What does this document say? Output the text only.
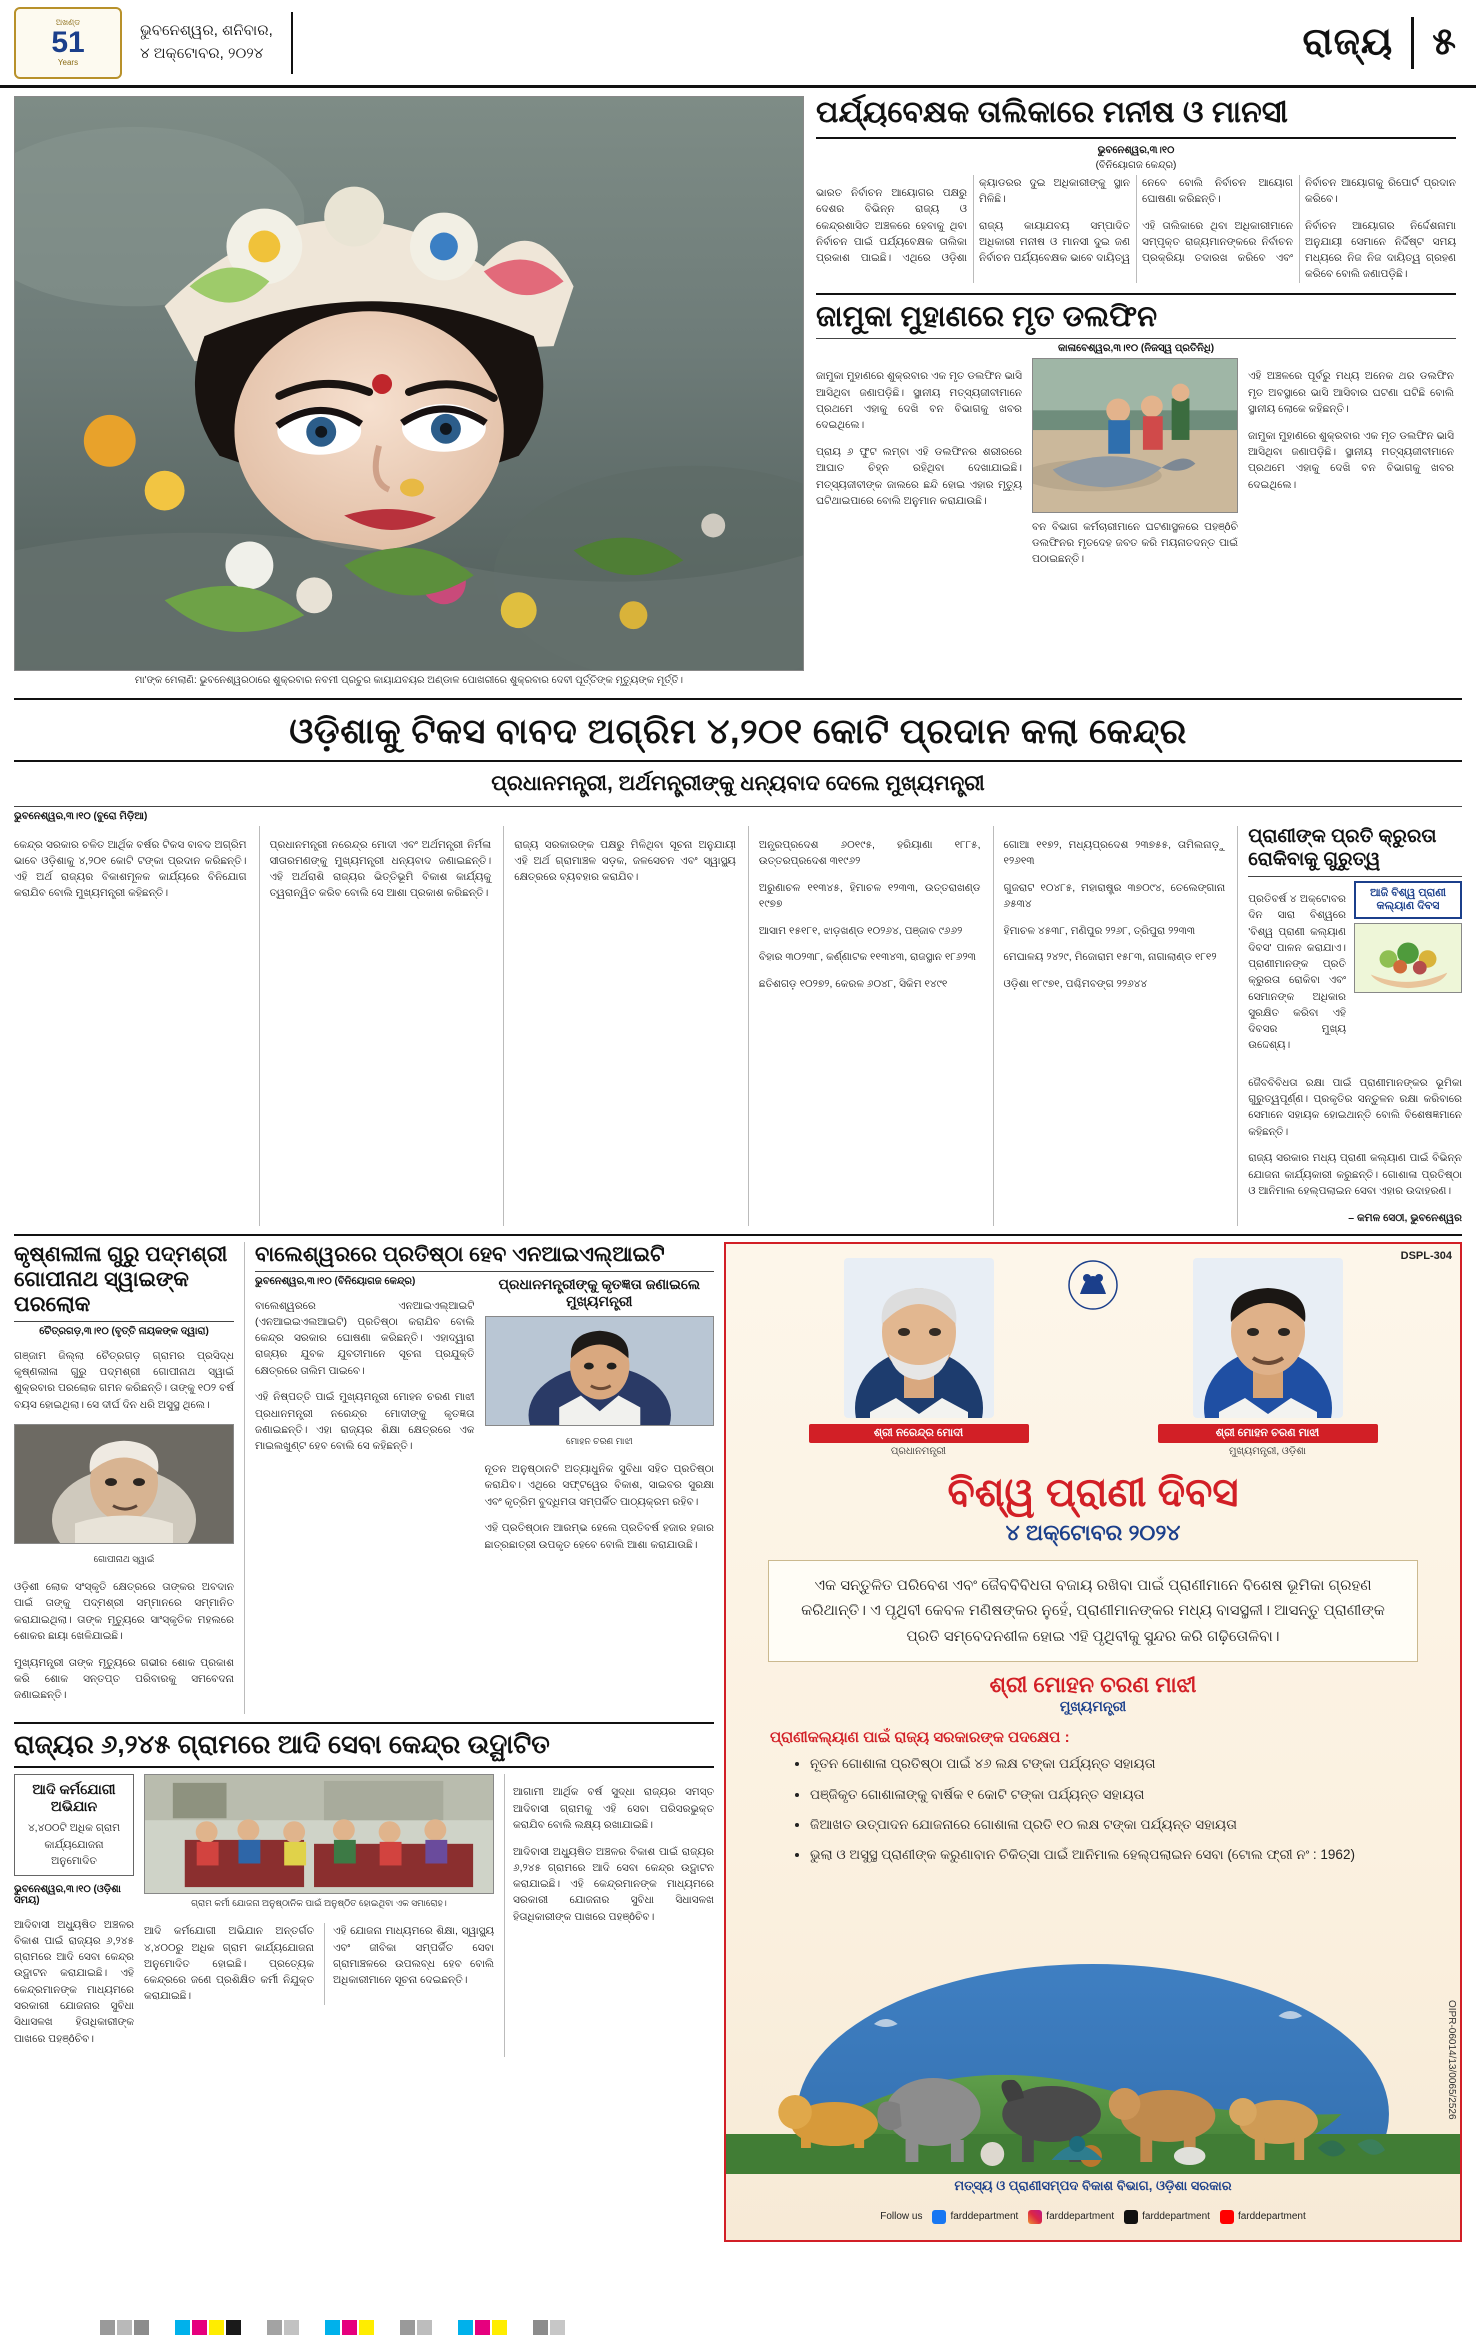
ଅଖଣ୍ଡ
51
Years
ଭୁବନେଶ୍ୱର, ଶନିବାର,
୪ ଅକ୍ଟୋବର, ୨୦୨୪	ରାଜ୍ୟ ୫
ମା'ଙ୍କ ମେଲାଣି: ଭୁବନେଶ୍ୱରଠାରେ ଶୁକ୍ରବାର ନବମୀ ପ୍ରଚୁର କାୟାଯବୟର ଅଣ୍ଡାଳ ପୋଖରୀରେ ଶୁକ୍ରବାର ଦେବୀ ପୂର୍ତ୍ତିଙ୍କ ମୃତ୍ୟୁଙ୍କ ମୂର୍ତ୍ତି।
ପର୍ଯ୍ୟବେକ୍ଷକ ତାଲିକାରେ ମନୀଷ ଓ ମାନସୀ
ଭୁବନେଶ୍ୱର,୩।୧୦
(ବିନିୟୋଗଜ କେନ୍ଦ୍ର)

ଭାରତ ନିର୍ବାଚନ ଆୟୋଗର ପକ୍ଷରୁ ଦେଶର ବିଭିନ୍ନ ରାଜ୍ୟ ଓ କେନ୍ଦ୍ରଶାସିତ ଅଞ୍ଚଳରେ ହେବାକୁ ଥିବା ନିର୍ବାଚନ ପାଇଁ ପର୍ଯ୍ୟବେକ୍ଷକ ତାଲିକା ପ୍ରକାଶ ପାଇଛି। ଏଥିରେ ଓଡ଼ିଶା କ୍ୟାଡରର ଦୁଇ ଅଧିକାରୀଙ୍କୁ ସ୍ଥାନ ମିଳିଛି।

ରାଜ୍ୟ କାୟାଯବୟ ସମ୍ପାଦିତ ଅଧିକାରୀ ମନୀଷ ଓ ମାନସୀ ଦୁଇ ଜଣ ନିର୍ବାଚନ ପର୍ଯ୍ୟବେକ୍ଷକ ଭାବେ ଦାୟିତ୍ୱ ନେବେ ବୋଲି ନିର୍ବାଚନ ଆୟୋଗ ଘୋଷଣା କରିଛନ୍ତି।

ଏହି ତାଲିକାରେ ଥିବା ଅଧିକାରୀମାନେ ସମ୍ପୃକ୍ତ ରାଜ୍ୟମାନଙ୍କରେ ନିର୍ବାଚନ ପ୍ରକ୍ରିୟା ତଦାରଖ କରିବେ ଏବଂ ନିର୍ବାଚନ ଆୟୋଗକୁ ରିପୋର୍ଟ ପ୍ରଦାନ କରିବେ।

ନିର୍ବାଚନ ଆୟୋଗର ନିର୍ଦ୍ଦେଶନାମା ଅନୁଯାୟୀ ସେମାନେ ନିର୍ଦ୍ଦିଷ୍ଟ ସମୟ ମଧ୍ୟରେ ନିଜ ନିଜ ଦାୟିତ୍ୱ ଗ୍ରହଣ କରିବେ ବୋଲି ଜଣାପଡ଼ିଛି।

ଜାମୁକା ମୁହାଣରେ ମୃତ ଡଲଫିନ
କାଳାବେଶ୍ୱର,୩।୧୦ (ନିଜସ୍ୱ ପ୍ରତିନିଧି)

ଜାମୁକା ମୁହାଣରେ ଶୁକ୍ରବାର ଏକ ମୃତ ଡଲଫିନ ଭାସି ଆସିଥିବା ଜଣାପଡ଼ିଛି। ସ୍ଥାନୀୟ ମତ୍ସ୍ୟଜୀବୀମାନେ ପ୍ରଥମେ ଏହାକୁ ଦେଖି ବନ ବିଭାଗକୁ ଖବର ଦେଇଥିଲେ।

ପ୍ରାୟ ୬ ଫୁଟ ଲମ୍ବା ଏହି ଡଲଫିନର ଶରୀରରେ ଆଘାତ ଚିହ୍ନ ରହିଥିବା ଦେଖାଯାଇଛି। ମତ୍ସ୍ୟଜୀବୀଙ୍କ ଜାଲରେ ଛନ୍ଦି ହୋଇ ଏହାର ମୃତ୍ୟୁ ଘଟିଥାଇପାରେ ବୋଲି ଅନୁମାନ କରାଯାଉଛି।

ବନ ବିଭାଗ କର୍ମଚାରୀମାନେ ଘଟଣାସ୍ଥଳରେ ପହଞ୍ôଚି ଡଲଫିନର ମୃତଦେହ ଜବତ କରି ମୟନାତଦନ୍ତ ପାଇଁ ପଠାଇଛନ୍ତି।

ଏହି ଅଞ୍ଚଳରେ ପୂର୍ବରୁ ମଧ୍ୟ ଅନେକ ଥର ଡଲଫିନ ମୃତ ଅବସ୍ଥାରେ ଭାସି ଆସିବାର ଘଟଣା ଘଟିଛି ବୋଲି ସ୍ଥାନୀୟ ଲୋକେ କହିଛନ୍ତି।

ଜାମୁକା ମୁହାଣରେ ଶୁକ୍ରବାର ଏକ ମୃତ ଡଲଫିନ ଭାସି ଆସିଥିବା ଜଣାପଡ଼ିଛି। ସ୍ଥାନୀୟ ମତ୍ସ୍ୟଜୀବୀମାନେ ପ୍ରଥମେ ଏହାକୁ ଦେଖି ବନ ବିଭାଗକୁ ଖବର ଦେଇଥିଲେ।

ଓଡ଼ିଶାକୁ ଟିକସ ବାବଦ ଅଗ୍ରିମ ୪,୨୦୧ କୋଟି ପ୍ରଦାନ କଲା କେନ୍ଦ୍ର
ପ୍ରଧାନମନ୍ତ୍ରୀ, ଅର୍ଥମନ୍ତ୍ରୀଙ୍କୁ ଧନ୍ୟବାଦ ଦେଲେ ମୁଖ୍ୟମନ୍ତ୍ରୀ
ଭୁବନେଶ୍ୱର,୩।୧୦ (ବୁରୋ ମିଡ଼ିଆ)

କେନ୍ଦ୍ର ସରକାର ଚଳିତ ଆର୍ଥିକ ବର୍ଷର ଟିକସ ବାବଦ ଅଗ୍ରିମ ଭାବେ ଓଡ଼ିଶାକୁ ୪,୨୦୧ କୋଟି ଟଙ୍କା ପ୍ରଦାନ କରିଛନ୍ତି। ଏହି ଅର୍ଥ ରାଜ୍ୟର ବିକାଶମୂଳକ କାର୍ଯ୍ୟରେ ବିନିଯୋଗ କରାଯିବ ବୋଲି ମୁଖ୍ୟମନ୍ତ୍ରୀ କହିଛନ୍ତି।

ପ୍ରଧାନମନ୍ତ୍ରୀ ନରେନ୍ଦ୍ର ମୋଦୀ ଏବଂ ଅର୍ଥମନ୍ତ୍ରୀ ନିର୍ମଳା ସୀତାରମଣଙ୍କୁ ମୁଖ୍ୟମନ୍ତ୍ରୀ ଧନ୍ୟବାଦ ଜଣାଇଛନ୍ତି। ଏହି ଅର୍ଥରାଶି ରାଜ୍ୟର ଭିତ୍ତିଭୂମି ବିକାଶ କାର୍ଯ୍ୟକୁ ତ୍ୱରାନ୍ୱିତ କରିବ ବୋଲି ସେ ଆଶା ପ୍ରକାଶ କରିଛନ୍ତି।

ରାଜ୍ୟ ସରକାରଙ୍କ ପକ୍ଷରୁ ମିଳିଥିବା ସୂଚନା ଅନୁଯାୟୀ ଏହି ଅର୍ଥ ଗ୍ରାମାଞ୍ଚଳ ସଡ଼କ, ଜଳସେଚନ ଏବଂ ସ୍ୱାସ୍ଥ୍ୟ କ୍ଷେତ୍ରରେ ବ୍ୟବହାର କରାଯିବ।

ଅନ୍ଧ୍ରପ୍ରଦେଶ ୬୦୧୯୫, ହରିୟାଣା ୧୮୮୫, ଉତ୍ତରପ୍ରଦେଶ ୩୧୯୬୨

ଅରୁଣାଚଳ ୧୧୩୪୫, ହିମାଚଳ ୧୨୩୩, ଉତ୍ତରାଖଣ୍ଡ ୧୯୭୭

ଆସାମ ୧୫୧୮୧, ଝାଡ଼ଖଣ୍ଡ ୧୦୨୬୪, ପଞ୍ଜାବ ୯୬୬୨

ବିହାର ୩୦୨୩୮, କର୍ଣ୍ଣାଟକ ୧୧୩୪୩, ରାଜସ୍ଥାନ ୧୮୬୨୩

ଛତିଶଗଡ଼ ୧୦୨୭୨, କେରଳ ୬୦୪୮, ସିକିମ ୧୪୯୧

ଗୋଆ ୧୧୭୨, ମଧ୍ୟପ୍ରଦେଶ ୨୩୭୫୫, ତାମିଲନାଡ଼ୁ ୧୨୬୧୩

ଗୁଜରାଟ ୧୦୪୮୫, ମହାରାଷ୍ଟ୍ର ୩୭୦୯୪, ତେଲେଙ୍ଗାନା ୬୫୩୪

ହିମାଚଳ ୪୫୩୮, ମଣିପୁର ୨୨୬୮, ତ୍ରିପୁରା ୨୨୩୩

ମେଘାଳୟ ୨୪୨୯, ମିଜୋରାମ ୧୫୮୩, ନାଗାଲାଣ୍ଡ ୧୮୧୨

ଓଡ଼ିଶା ୧୮୯୭୧, ପଶ୍ଚିମବଙ୍ଗ ୨୨୬୪୪

ପ୍ରାଣୀଙ୍କ ପ୍ରତି କ୍ରୁରତା ରୋକିବାକୁ ଗୁରୁତ୍ୱ

ପ୍ରତିବର୍ଷ ୪ ଅକ୍ଟୋବର ଦିନ ସାରା ବିଶ୍ୱରେ 'ବିଶ୍ୱ ପ୍ରାଣୀ କଲ୍ୟାଣ ଦିବସ' ପାଳନ କରାଯାଏ। ପ୍ରାଣୀମାନଙ୍କ ପ୍ରତି କ୍ରୁରତା ରୋକିବା ଏବଂ ସେମାନଙ୍କ ଅଧିକାର ସୁରକ୍ଷିତ କରିବା ଏହି ଦିବସର ମୁଖ୍ୟ ଉଦ୍ଦେଶ୍ୟ।

ଆଜି ବିଶ୍ୱ ପ୍ରାଣୀ କଲ୍ୟାଣ ଦିବସ

ଜୈବବିବିଧତା ରକ୍ଷା ପାଇଁ ପ୍ରାଣୀମାନଙ୍କର ଭୂମିକା ଗୁରୁତ୍ୱପୂର୍ଣ୍ଣ। ପ୍ରକୃତିର ସନ୍ତୁଳନ ରକ୍ଷା କରିବାରେ ସେମାନେ ସହାୟକ ହୋଇଥାନ୍ତି ବୋଲି ବିଶେଷଜ୍ଞମାନେ କହିଛନ୍ତି।

ରାଜ୍ୟ ସରକାର ମଧ୍ୟ ପ୍ରାଣୀ କଲ୍ୟାଣ ପାଇଁ ବିଭିନ୍ନ ଯୋଜନା କାର୍ଯ୍ୟକାରୀ କରୁଛନ୍ତି। ଗୋଶାଳା ପ୍ରତିଷ୍ଠା ଓ ଆନିମାଲ ହେଲ୍ପଲାଇନ ସେବା ଏହାର ଉଦାହରଣ।

– କମଳ ସେଠୀ, ଭୁବନେଶ୍ୱର
କୃଷ୍ଣଲୀଳା ଗୁରୁ ପଦ୍ମଶ୍ରୀ ଗୋପୀନାଥ ସ୍ୱାଇଙ୍କ ପରଲୋକ
ଚୈତ୍ରଗଡ଼,୩।୧୦ (ବୃତ୍ତି ନାୟକଙ୍କ ଦ୍ୱାରା)

ଗଞ୍ଜାମ ଜିଲ୍ଲା ଚୈତ୍ରଗଡ଼ ଗ୍ରାମର ପ୍ରସିଦ୍ଧ କୃଷ୍ଣଲୀଳା ଗୁରୁ ପଦ୍ମଶ୍ରୀ ଗୋପୀନାଥ ସ୍ୱାଇଁ ଶୁକ୍ରବାର ପରଲୋକ ଗମନ କରିଛନ୍ତି। ତାଙ୍କୁ ୧୦୨ ବର୍ଷ ବୟସ ହୋଇଥିଲା। ସେ ଦୀର୍ଘ ଦିନ ଧରି ଅସୁସ୍ଥ ଥିଲେ।

ଗୋପୀନାଥ ସ୍ୱାଇଁ

ଓଡ଼ିଶୀ ଲୋକ ସଂସ୍କୃତି କ୍ଷେତ୍ରରେ ତାଙ୍କର ଅବଦାନ ପାଇଁ ତାଙ୍କୁ ପଦ୍ମଶ୍ରୀ ସମ୍ମାନରେ ସମ୍ମାନିତ କରାଯାଇଥିଲା। ତାଙ୍କ ମୃତ୍ୟୁରେ ସାଂସ୍କୃତିକ ମହଲରେ ଶୋକର ଛାୟା ଖେଳିଯାଇଛି।

ମୁଖ୍ୟମନ୍ତ୍ରୀ ତାଙ୍କ ମୃତ୍ୟୁରେ ଗଭୀର ଶୋକ ପ୍ରକାଶ କରି ଶୋକ ସନ୍ତପ୍ତ ପରିବାରକୁ ସମବେଦନା ଜଣାଇଛନ୍ତି।

ବାଲେଶ୍ୱରରେ ପ୍ରତିଷ୍ଠା ହେବ ଏନଆଇଏଲ୍ଆଇଟି
ଭୁବନେଶ୍ୱର,୩।୧୦ (ବିନିୟୋଗଜ କେନ୍ଦ୍ର)

ବାଲେଶ୍ୱରରେ ଏନଆଇଏଲ୍ଆଇଟି (ଏନଆଇଇଏଲଆଇଟି) ପ୍ରତିଷ୍ଠା କରାଯିବ ବୋଲି କେନ୍ଦ୍ର ସରକାର ଘୋଷଣା କରିଛନ୍ତି। ଏହାଦ୍ୱାରା ରାଜ୍ୟର ଯୁବକ ଯୁବତୀମାନେ ସୂଚନା ପ୍ରଯୁକ୍ତି କ୍ଷେତ୍ରରେ ତାଲିମ ପାଇବେ।

ଏହି ନିଷ୍ପତ୍ତି ପାଇଁ ମୁଖ୍ୟମନ୍ତ୍ରୀ ମୋହନ ଚରଣ ମାଝୀ ପ୍ରଧାନମନ୍ତ୍ରୀ ନରେନ୍ଦ୍ର ମୋଦୀଙ୍କୁ କୃତଜ୍ଞତା ଜଣାଇଛନ୍ତି। ଏହା ରାଜ୍ୟର ଶିକ୍ଷା କ୍ଷେତ୍ରରେ ଏକ ମାଇଲଖୁଣ୍ଟ ହେବ ବୋଲି ସେ କହିଛନ୍ତି।

ପ୍ରଧାନମନ୍ତ୍ରୀଙ୍କୁ କୃତଜ୍ଞତା ଜଣାଇଲେ ମୁଖ୍ୟମନ୍ତ୍ରୀ
ମୋହନ ଚରଣ ମାଝୀ

ନୂତନ ଅନୁଷ୍ଠାନଟି ଅତ୍ୟାଧୁନିକ ସୁବିଧା ସହିତ ପ୍ରତିଷ୍ଠା କରାଯିବ। ଏଥିରେ ସଫ୍ଟୱେର ବିକାଶ, ସାଇବର ସୁରକ୍ଷା ଏବଂ କୃତ୍ରିମ ବୁଦ୍ଧିମତା ସମ୍ପର୍କିତ ପାଠ୍ୟକ୍ରମ ରହିବ।

ଏହି ପ୍ରତିଷ୍ଠାନ ଆରମ୍ଭ ହେଲେ ପ୍ରତିବର୍ଷ ହଜାର ହଜାର ଛାତ୍ରଛାତ୍ରୀ ଉପକୃତ ହେବେ ବୋଲି ଆଶା କରାଯାଉଛି।

ରାଜ୍ୟର ୬,୨୪୫ ଗ୍ରାମରେ ଆଦି ସେବା କେନ୍ଦ୍ର ଉଦ୍ଘାଟିତ
ଆଦି କର୍ମଯୋଗୀ ଅଭିଯାନ
୪,୪୦୦ଟି ଅଧିକ ଗ୍ରାମ କାର୍ଯ୍ୟଯୋଜନା ଅନୁମୋଦିତ
ଭୁବନେଶ୍ୱର,୩।୧୦ (ଓଡ଼ିଶା ସମୟ)

ଆଦିବାସୀ ଅଧ୍ୟୁଷିତ ଅଞ୍ଚଳର ବିକାଶ ପାଇଁ ରାଜ୍ୟର ୬,୨୪୫ ଗ୍ରାମରେ ଆଦି ସେବା କେନ୍ଦ୍ର ଉଦ୍ଘାଟନ କରାଯାଇଛି। ଏହି କେନ୍ଦ୍ରମାନଙ୍କ ମାଧ୍ୟମରେ ସରକାରୀ ଯୋଜନାର ସୁବିଧା ସିଧାସଳଖ ହିତାଧିକାରୀଙ୍କ ପାଖରେ ପହଞ୍ôଚିବ।

ଗ୍ରାମ କର୍ମୀ ଯୋଜନା ଅନୁଷ୍ଠାନିକ ପାଇଁ ଅନୁଷ୍ଠିତ ହୋଇଥିବା ଏକ ସମାରୋହ।

ଆଦି କର୍ମଯୋଗୀ ଅଭିଯାନ ଅନ୍ତର୍ଗତ ୪,୪୦୦ରୁ ଅଧିକ ଗ୍ରାମ କାର୍ଯ୍ୟଯୋଜନା ଅନୁମୋଦିତ ହୋଇଛି। ପ୍ରତ୍ୟେକ କେନ୍ଦ୍ରରେ ଜଣେ ପ୍ରଶିକ୍ଷିତ କର୍ମୀ ନିଯୁକ୍ତ କରାଯାଇଛି।

ଏହି ଯୋଜନା ମାଧ୍ୟମରେ ଶିକ୍ଷା, ସ୍ୱାସ୍ଥ୍ୟ ଏବଂ ଜୀବିକା ସମ୍ପର୍କିତ ସେବା ଗ୍ରାମାଞ୍ଚଳରେ ଉପଲବ୍ଧ ହେବ ବୋଲି ଅଧିକାରୀମାନେ ସୂଚନା ଦେଇଛନ୍ତି।

ଆଗାମୀ ଆର୍ଥିକ ବର୍ଷ ସୁଦ୍ଧା ରାଜ୍ୟର ସମସ୍ତ ଆଦିବାସୀ ଗ୍ରାମକୁ ଏହି ସେବା ପରିସରଭୁକ୍ତ କରାଯିବ ବୋଲି ଲକ୍ଷ୍ୟ ରଖାଯାଇଛି।

ଆଦିବାସୀ ଅଧ୍ୟୁଷିତ ଅଞ୍ଚଳର ବିକାଶ ପାଇଁ ରାଜ୍ୟର ୬,୨୪୫ ଗ୍ରାମରେ ଆଦି ସେବା କେନ୍ଦ୍ର ଉଦ୍ଘାଟନ କରାଯାଇଛି। ଏହି କେନ୍ଦ୍ରମାନଙ୍କ ମାଧ୍ୟମରେ ସରକାରୀ ଯୋଜନାର ସୁବିଧା ସିଧାସଳଖ ହିତାଧିକାରୀଙ୍କ ପାଖରେ ପହଞ୍ôଚିବ।

DSPL-304
ଶ୍ରୀ ନରେନ୍ଦ୍ର ମୋଦୀ
ପ୍ରଧାନମନ୍ତ୍ରୀ
ଶ୍ରୀ ମୋହନ ଚରଣ ମାଝୀ
ମୁଖ୍ୟମନ୍ତ୍ରୀ, ଓଡ଼ିଶା
ବିଶ୍ୱ ପ୍ରାଣୀ ଦିବସ
୪ ଅକ୍ଟୋବର ୨୦୨୪
ଏକ ସନ୍ତୁଳିତ ପରିବେଶ ଏବଂ ଜୈବବିବିଧତା ବଜାୟ ରଖିବା ପାଇଁ ପ୍ରାଣୀମାନେ ବିଶେଷ ଭୂମିକା ଗ୍ରହଣ କରିଥାନ୍ତି। ଏ ପୃଥିବୀ କେବଳ ମଣିଷଙ୍କର ନୁହେଁ, ପ୍ରାଣୀମାନଙ୍କର ମଧ୍ୟ ବାସସ୍ଥଳୀ। ଆସନ୍ତୁ ପ୍ରାଣୀଙ୍କ ପ୍ରତି ସମ୍ବେଦନଶୀଳ ହୋଇ ଏହି ପୃଥିବୀକୁ ସୁନ୍ଦର କରି ଗଢ଼ିତୋଳିବା।
ଶ୍ରୀ ମୋହନ ଚରଣ ମାଝୀ
ମୁଖ୍ୟମନ୍ତ୍ରୀ
ପ୍ରାଣୀକଲ୍ୟାଣ ପାଇଁ ରାଜ୍ୟ ସରକାରଙ୍କ ପଦକ୍ଷେପ :
• ନୂତନ ଗୋଶାଳା ପ୍ରତିଷ୍ଠା ପାଇଁ ୪୬ ଲକ୍ଷ ଟଙ୍କା ପର୍ଯ୍ୟନ୍ତ ସହାୟତା
• ପଞ୍ଜିକୃତ ଗୋଶାଳାଙ୍କୁ ବାର୍ଷିକ ୧ କୋଟି ଟଙ୍କା ପର୍ଯ୍ୟନ୍ତ ସହାୟତା
• ଜିଆଖତ ଉତ୍ପାଦନ ଯୋଜନାରେ ଗୋଶାଳା ପ୍ରତି ୧୦ ଲକ୍ଷ ଟଙ୍କା ପର୍ଯ୍ୟନ୍ତ ସହାୟତା
• ଭୁଲା ଓ ଅସୁସ୍ଥ ପ୍ରାଣୀଙ୍କ କରୁଣାବାନ ଚିକିତ୍ସା ପାଇଁ ଆନିମାଲ ହେଲ୍ପଲାଇନ ସେବା (ଟୋଲ ଫ୍ରୀ ନଂ : 1962)
ମତ୍ସ୍ୟ ଓ ପ୍ରାଣୀସମ୍ପଦ ବିକାଶ ବିଭାଗ, ଓଡ଼ିଶା ସରକାର
Follow us	farddepartment	farddepartment	farddepartment	farddepartment
OIPR-06014/13/0065/2526
